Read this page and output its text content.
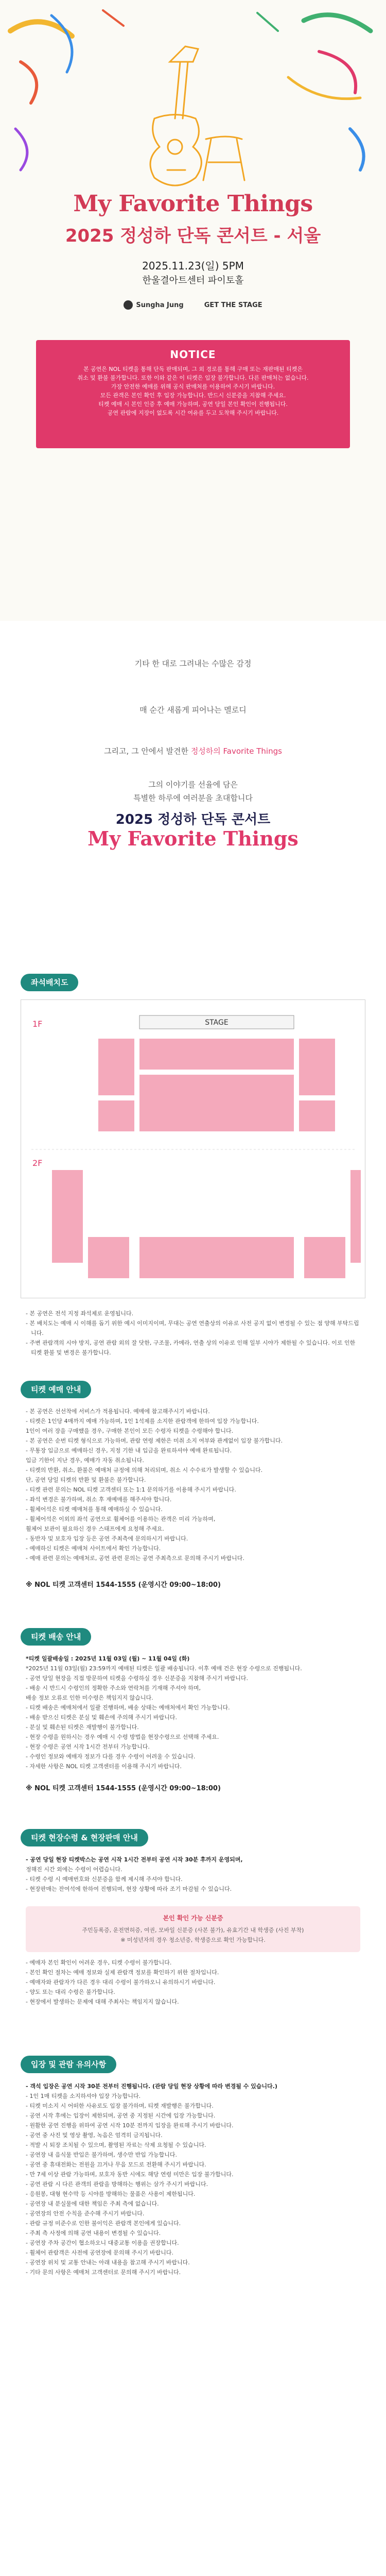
My Favorite Things
2025 정성하 단독 콘서트 - 서울
2025.11.23(일) 5PM
한울결아트센터 파이토홀
Sungha Jung	GET THE STAGE
NOTICE

본 공연은 NOL 티켓을 통해 단독 판매되며, 그 외 경로를 통해 구매 또는 재판매된 티켓은

취소 및 환불 불가합니다. 또한 이와 같은 이 티켓은 입장 불가합니다. 다른 판매처는 없습니다.

가장 안전한 예매를 위해 공식 판매처를 이용하여 주시기 바랍니다.

모든 관객은 본인 확인 후 입장 가능합니다. 반드시 신분증을 지참해 주세요.

티켓 예매 시 본인 인증 후 예매 가능하며, 공연 당일 본인 확인이 진행됩니다.

공연 관람에 지장이 없도록 시간 여유를 두고 도착해 주시기 바랍니다.

기타 한 대로 그려내는 수많은 감정
매 순간 새롭게 피어나는 멜로디
그리고, 그 안에서 발견한 정성하의 Favorite Things
그의 이야기를 선율에 담은
특별한 하루에 여러분을 초대합니다
2025 정성하 단독 콘서트
My Favorite Things
좌석배치도
STAGE
1F
2F
- 본 공연은 전석 지정 좌석제로 운영됩니다.
- 본 배치도는 예매 시 이해를 돕기 위한 예시 이미지이며, 무대는 공연 연출상의 이유로 사전 공지 없이 변경될 수 있는 점 양해 부탁드립니다.
- 주변 관람객의 시야 방지, 공연 관람 외의 잘 닷한, 구조물, 카메라, 연출 상의 이유로 인해 일부 시야가 제한될 수 있습니다. 이로 인한 티켓 환불 및 변경은 불가합니다.
티켓 예매 안내
- 본 공연은 선선착에 서비스가 적용됩니다. 예매에 참고해주시기 바랍니다.
- 티켓은 1인당 4매까지 예매 가능하며, 1인 1석제를 소지한 관람객에 한하여 입장 가능합니다.
1인이 여러 장을 구매했을 경우, 구매한 본인이 모든 수령자 티켓을 수령해야 합니다.
- 본 공연은 순번 티켓 형식으로 가능하며, 관람 연령 제한은 미취 소지 여부와 관계없이 입장 불가합니다.
- 무통장 입금으로 예매하신 경우, 지정 기한 내 입금을 완료하셔야 예매 완료됩니다.
입금 기한이 지난 경우, 예매가 자동 취소됩니다.
- 티켓의 반환, 취소, 환불은 예매처 규정에 의해 처리되며, 취소 시 수수료가 발생할 수 있습니다.
단, 공연 당일 티켓의 반환 및 환불은 불가합니다.
- 티켓 관련 문의는 NOL 티켓 고객센터 또는 1:1 문의하기를 이용해 주시기 바랍니다.
- 좌석 변경은 불가하며, 취소 후 재예매를 해주셔야 합니다.
- 휠체어석은 티켓 예매처를 통해 예매하실 수 있습니다.
- 휠체어석은 이외의 좌석 공연으로 휠체어를 이용하는 관객은 미리 가능하며,
휠체어 보관이 필요하신 경우 스태프에게 요청해 주세요.
- 동반자 및 보호자 입장 등은 공연 주최측에 문의하시기 바랍니다.
- 예매하신 티켓은 예매처 사이트에서 확인 가능합니다.
- 예매 관련 문의는 예매처로, 공연 관련 문의는 공연 주최측으로 문의해 주시기 바랍니다.
※ NOL 티켓 고객센터 1544-1555 (운영시간 09:00~18:00)
티켓 배송 안내
*티켓 일괄배송일 : 2025년 11월 03일 (월) ~ 11월 04일 (화)
*2025년 11월 03일(월) 23:59까지 예매된 티켓은 일괄 배송됩니다. 이후 예매 건은 현장 수령으로 진행됩니다.
- 공연 당일 현장을 직접 방문하여 티켓을 수령하실 경우 신분증을 지참해 주시기 바랍니다.
- 배송 시 반드시 수령인의 정확한 주소와 연락처를 기재해 주셔야 하며,
배송 정보 오류로 인한 미수령은 책임지지 않습니다.
- 티켓 배송은 예매처에서 일괄 진행하며, 배송 상태는 예매처에서 확인 가능합니다.
- 배송 받으신 티켓은 분실 및 훼손에 주의해 주시기 바랍니다.
- 분실 및 훼손된 티켓은 재발행이 불가합니다.
- 현장 수령을 원하시는 경우 예매 시 수령 방법을 현장수령으로 선택해 주세요.
- 현장 수령은 공연 시작 1시간 전부터 가능합니다.
- 수령인 정보와 예매자 정보가 다를 경우 수령이 어려울 수 있습니다.
- 자세한 사항은 NOL 티켓 고객센터를 이용해 주시기 바랍니다.
※ NOL 티켓 고객센터 1544-1555 (운영시간 09:00~18:00)
티켓 현장수령 & 현장판매 안내
- 공연 당일 현장 티켓박스는 공연 시작 1시간 전부터 공연 시작 30분 후까지 운영되며,
정해진 시간 외에는 수령이 어렵습니다.
- 티켓 수령 시 예매번호와 신분증을 함께 제시해 주셔야 합니다.
- 현장판매는 잔여석에 한하여 진행되며, 현장 상황에 따라 조기 마감될 수 있습니다.
본인 확인 가능 신분증
주민등록증, 운전면허증, 여권, 모바일 신분증 (사본 불가), 유효기간 내 학생증 (사진 부착)
※ 미성년자의 경우 청소년증, 학생증으로 확인 가능합니다.
- 예매자 본인 확인이 어려운 경우, 티켓 수령이 불가합니다.
- 본인 확인 절차는 예매 정보와 실제 관람객 정보를 확인하기 위한 절차입니다.
- 예매자와 관람자가 다른 경우 대리 수령이 불가하오니 유의하시기 바랍니다.
- 양도 또는 대리 수령은 불가합니다.
- 현장에서 발생하는 문제에 대해 주최사는 책임지지 않습니다.
입장 및 관람 유의사항
- 객석 입장은 공연 시작 30분 전부터 진행됩니다. (관람 당일 현장 상황에 따라 변경될 수 있습니다.)
- 1인 1매 티켓을 소지하셔야 입장 가능합니다.
- 티켓 미소지 시 어떠한 사유로도 입장 불가하며, 티켓 재발행은 불가합니다.
- 공연 시작 후에는 입장이 제한되며, 공연 중 지정된 시간에 입장 가능합니다.
- 원활한 공연 진행을 위하여 공연 시작 10분 전까지 입장을 완료해 주시기 바랍니다.
- 공연 중 사진 및 영상 촬영, 녹음은 엄격히 금지됩니다.
- 적발 시 퇴장 조치될 수 있으며, 촬영된 자료는 삭제 요청될 수 있습니다.
- 공연장 내 음식물 반입은 불가하며, 생수만 반입 가능합니다.
- 공연 중 휴대전화는 전원을 끄거나 무음 모드로 전환해 주시기 바랍니다.
- 만 7세 이상 관람 가능하며, 보호자 동반 시에도 해당 연령 미만은 입장 불가합니다.
- 공연 관람 시 다른 관객의 관람을 방해하는 행위는 삼가 주시기 바랍니다.
- 응원봉, 대형 현수막 등 시야를 방해하는 물품은 사용이 제한됩니다.
- 공연장 내 분실물에 대한 책임은 주최 측에 없습니다.
- 공연장의 안전 수칙을 준수해 주시기 바랍니다.
- 관람 규정 미준수로 인한 불이익은 관람객 본인에게 있습니다.
- 주최 측 사정에 의해 공연 내용이 변경될 수 있습니다.
- 공연장 주차 공간이 협소하오니 대중교통 이용을 권장합니다.
- 휠체어 관람객은 사전에 공연장에 문의해 주시기 바랍니다.
- 공연장 위치 및 교통 안내는 아래 내용을 참고해 주시기 바랍니다.
- 기타 문의 사항은 예매처 고객센터로 문의해 주시기 바랍니다.
